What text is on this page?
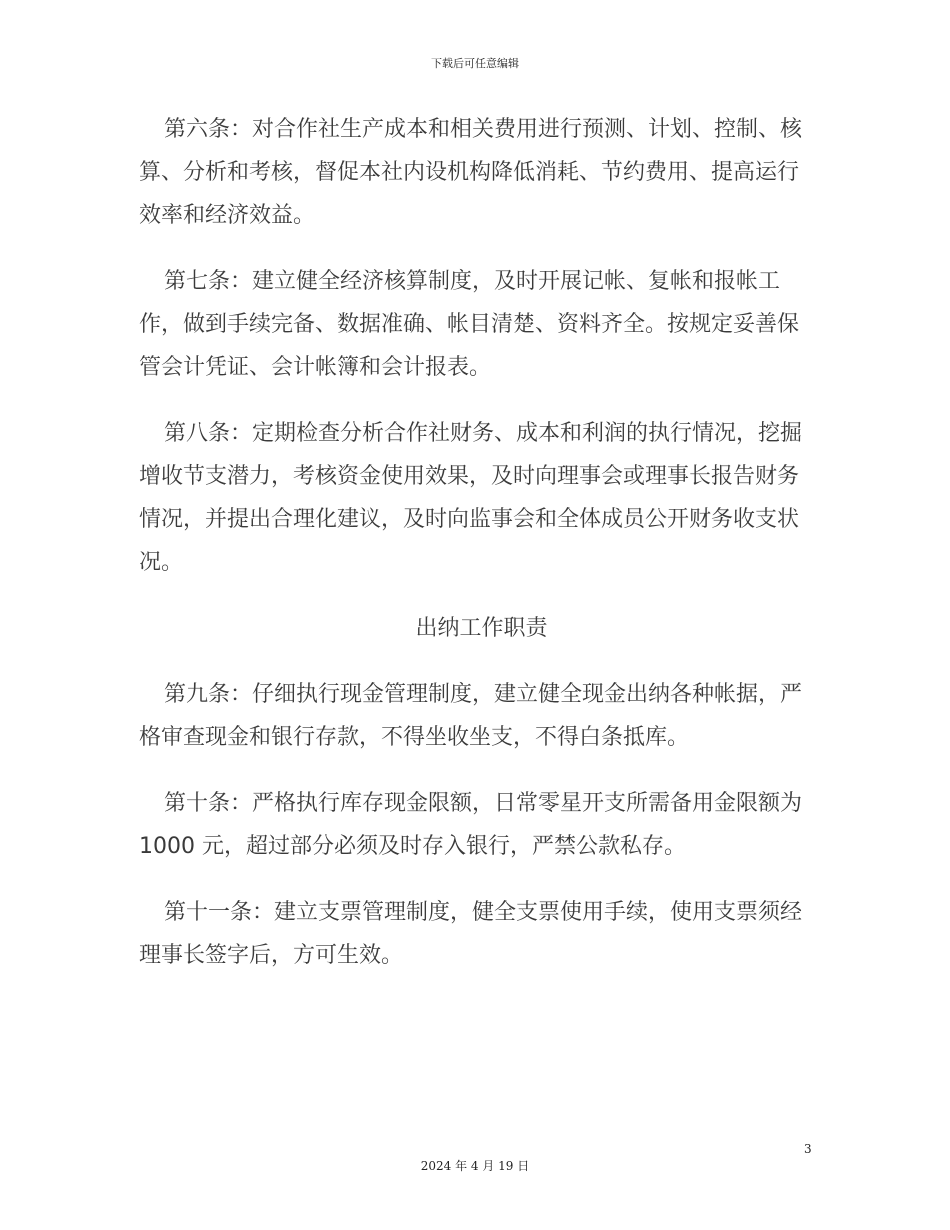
下载后可任意编辑

第六条：对合作社生产成本和相关费用进行预测、计划、控制、核算、分析和考核，督促本社内设机构降低消耗、节约费用、提高运行效率和经济效益。

第七条：建立健全经济核算制度，及时开展记帐、复帐和报帐工作，做到手续完备、数据准确、帐目清楚、资料齐全。按规定妥善保管会计凭证、会计帐簿和会计报表。

第八条：定期检查分析合作社财务、成本和利润的执行情况，挖掘增收节支潜力，考核资金使用效果，及时向理事会或理事长报告财务情况，并提出合理化建议，及时向监事会和全体成员公开财务收支状况。

出纳工作职责

第九条：仔细执行现金管理制度，建立健全现金出纳各种帐据，严格审查现金和银行存款，不得坐收坐支，不得白条抵库。

第十条：严格执行库存现金限额，日常零星开支所需备用金限额为 1000 元，超过部分必须及时存入银行，严禁公款私存。

第十一条：建立支票管理制度，健全支票使用手续，使用支票须经理事长签字后，方可生效。

3
2024 年 4 月 19 日
